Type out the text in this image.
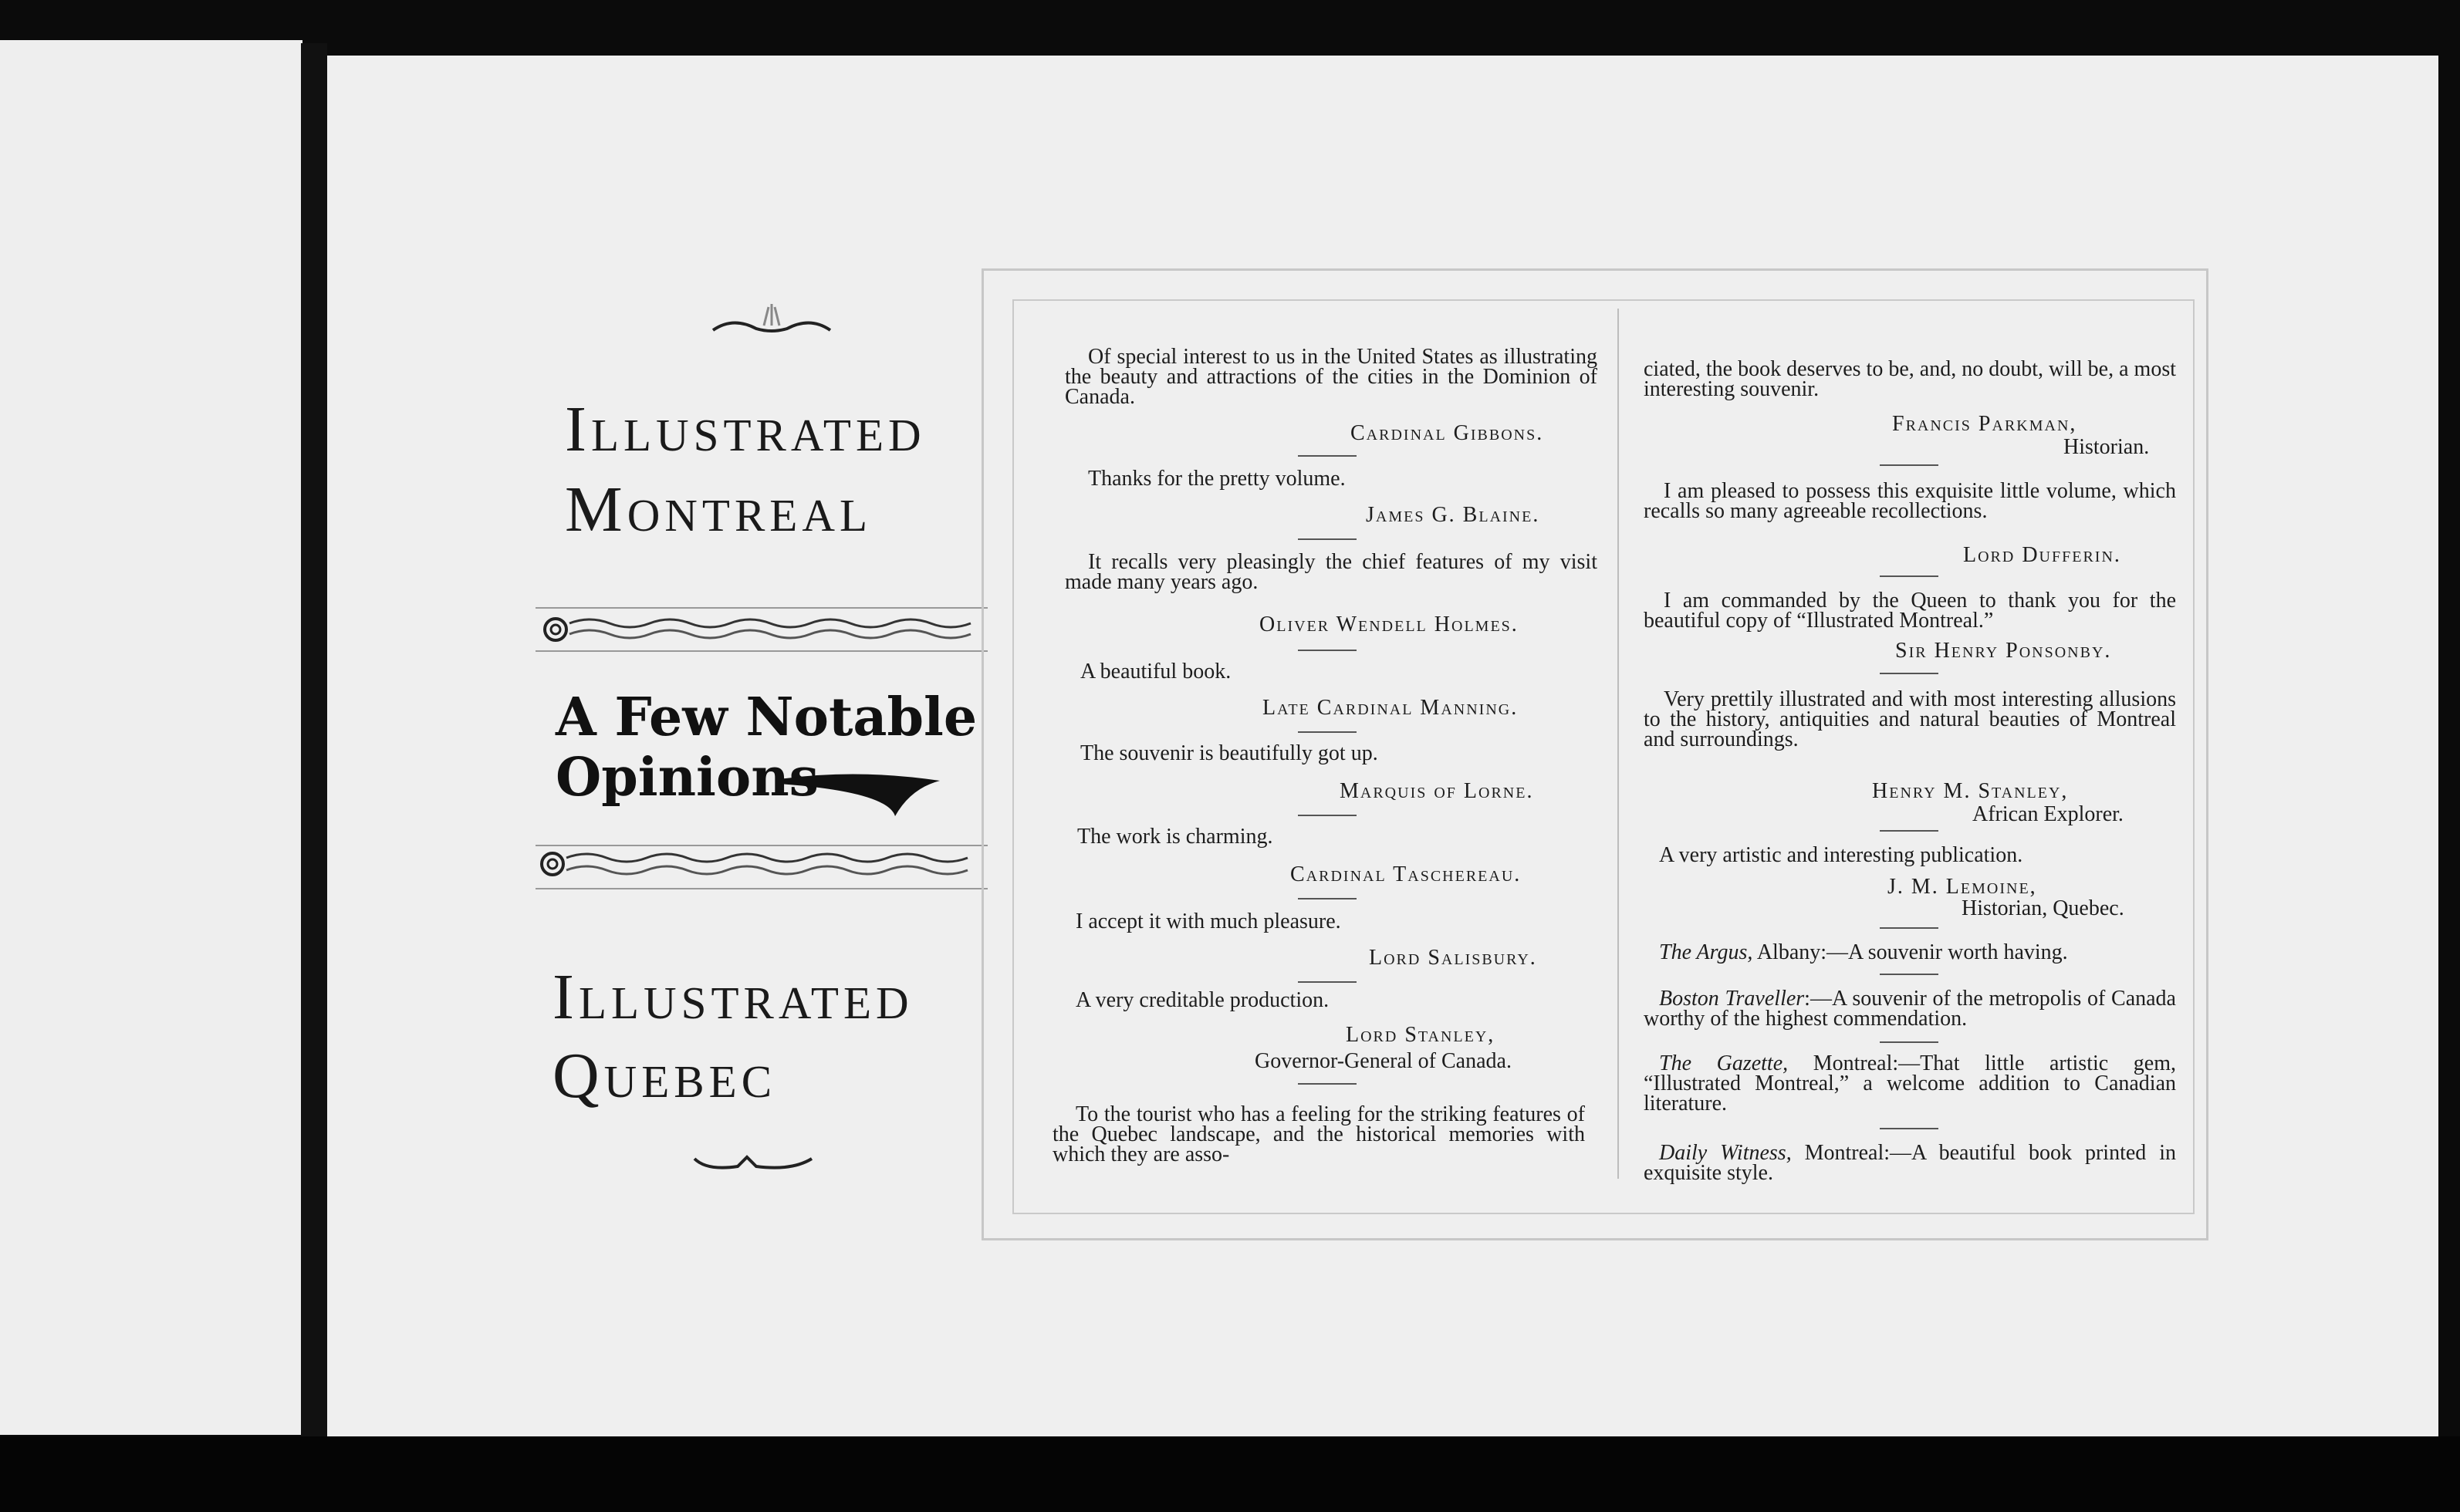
Illustrated
Montreal
A Few Notable
Opinions
Illustrated
Quebec
Of special interest to us in the United States as illustrating the beauty and attractions of the cities in the Dominion of Canada.
Cardinal Gibbons.
Thanks for the pretty volume.
James G. Blaine.
It recalls very pleasingly the chief features of my visit made many years ago.
Oliver Wendell Holmes.
A beautiful book.
Late Cardinal Manning.
The souvenir is beautifully got up.
Marquis of Lorne.
The work is charming.
Cardinal Taschereau.
I accept it with much pleasure.
Lord Salisbury.
A very creditable production.
Lord Stanley,
Governor-General of Canada.
To the tourist who has a feeling for the striking features of the Quebec landscape, and the historical memories with which they are asso-
ciated, the book deserves to be, and, no doubt, will be, a most interesting souvenir.
Francis Parkman,
Historian.
I am pleased to possess this exquisite little volume, which recalls so many agreeable recollections.
Lord Dufferin.
I am commanded by the Queen to thank you for the beautiful copy of “Illustrated Montreal.”
Sir Henry Ponsonby.
Very prettily illustrated and with most interesting allusions to the history, antiquities and natural beauties of Montreal and surroundings.
Henry M. Stanley,
African Explorer.
A very artistic and interesting publication.
J. M. Lemoine,
Historian, Quebec.
The Argus, Albany:—A souvenir worth having.
Boston Traveller:—A souvenir of the metropolis of Canada worthy of the highest commendation.
The Gazette, Montreal:—That little artistic gem, “Illustrated Montreal,” a welcome addition to Canadian literature.
Daily Witness, Montreal:—A beautiful book printed in exquisite style.
